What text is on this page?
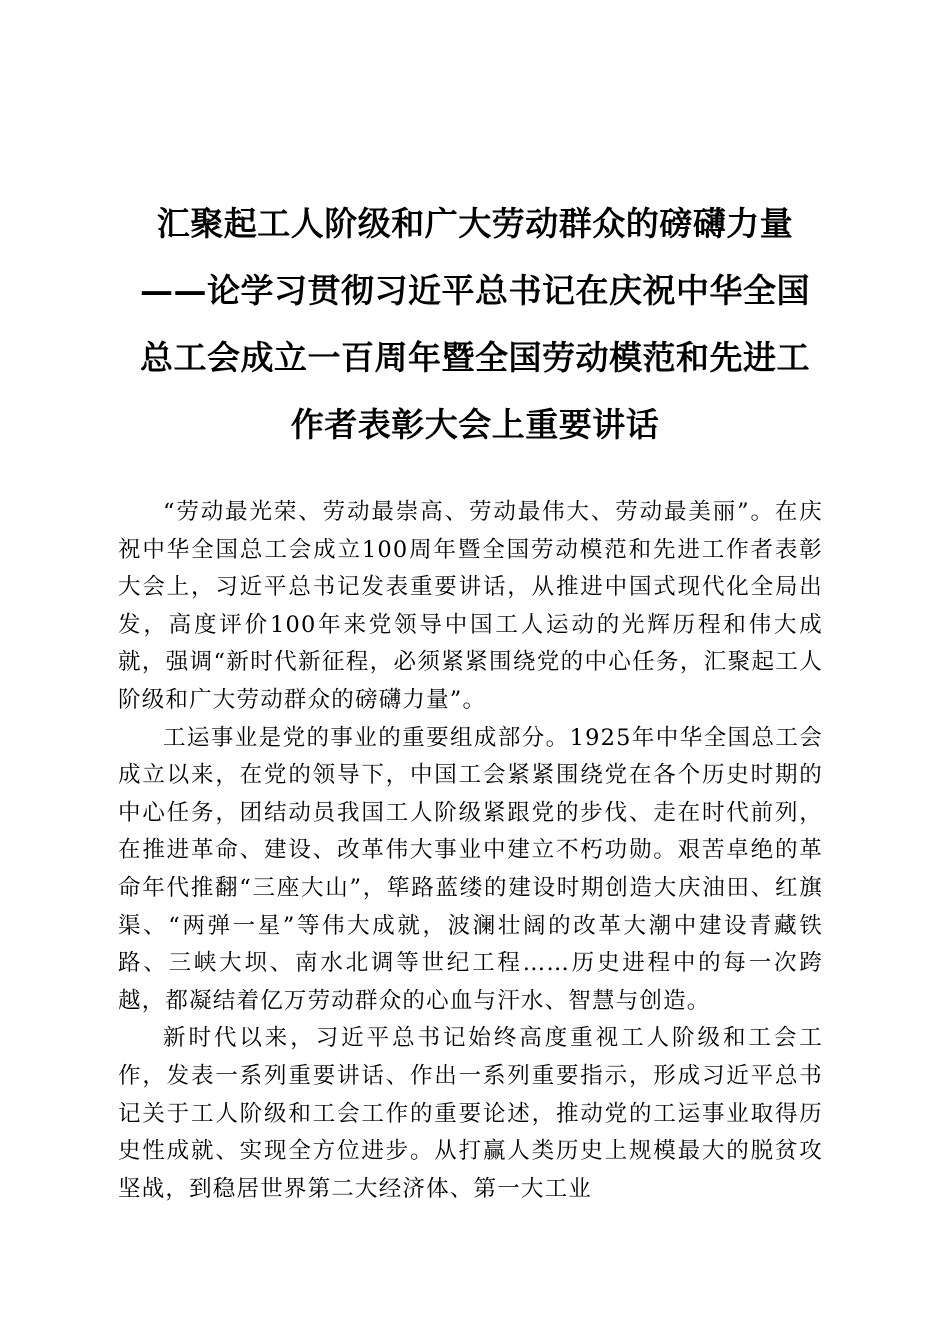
汇聚起工人阶级和广大劳动群众的磅礴力量
——论学习贯彻习近平总书记在庆祝中华全国
总工会成立一百周年暨全国劳动模范和先进工
作者表彰大会上重要讲话

“劳动最光荣、劳动最崇高、劳动最伟大、劳动最美丽”。在庆祝中华全国总工会成立100周年暨全国劳动模范和先进工作者表彰大会上，习近平总书记发表重要讲话，从推进中国式现代化全局出发，高度评价100年来党领导中国工人运动的光辉历程和伟大成就，强调“新时代新征程，必须紧紧围绕党的中心任务，汇聚起工人阶级和广大劳动群众的磅礴力量”。

工运事业是党的事业的重要组成部分。1925年中华全国总工会成立以来，在党的领导下，中国工会紧紧围绕党在各个历史时期的中心任务，团结动员我国工人阶级紧跟党的步伐、走在时代前列，在推进革命、建设、改革伟大事业中建立不朽功勋。艰苦卓绝的革命年代推翻“三座大山”，筚路蓝缕的建设时期创造大庆油田、红旗渠、“两弹一星”等伟大成就，波澜壮阔的改革大潮中建设青藏铁路、三峡大坝、南水北调等世纪工程……历史进程中的每一次跨越，都凝结着亿万劳动群众的心血与汗水、智慧与创造。

新时代以来，习近平总书记始终高度重视工人阶级和工会工作，发表一系列重要讲话、作出一系列重要指示，形成习近平总书记关于工人阶级和工会工作的重要论述，推动党的工运事业取得历史性成就、实现全方位进步。从打赢人类历史上规模最大的脱贫攻坚战，到稳居世界第二大经济体、第一大工业
